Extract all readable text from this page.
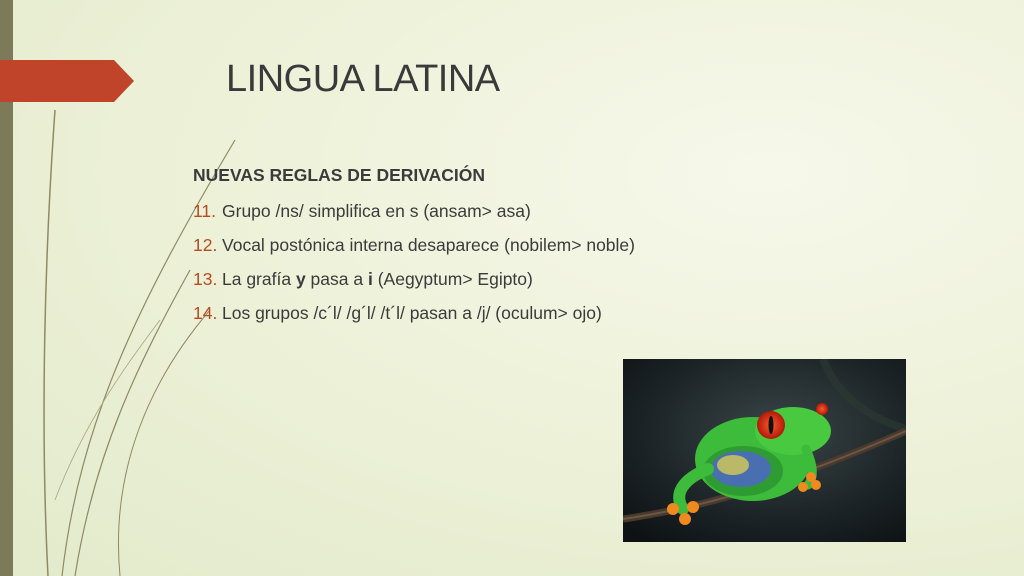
LINGUA LATINA
NUEVAS REGLAS DE DERIVACIÓN
11. Grupo /ns/ simplifica en s (ansam> asa)
12. Vocal postónica interna desaparece (nobilem> noble)
13. La grafía y pasa a i (Aegyptum> Egipto)
14. Los grupos /c´l/ /g´l/ /t´l/ pasan a /j/ (oculum> ojo)
